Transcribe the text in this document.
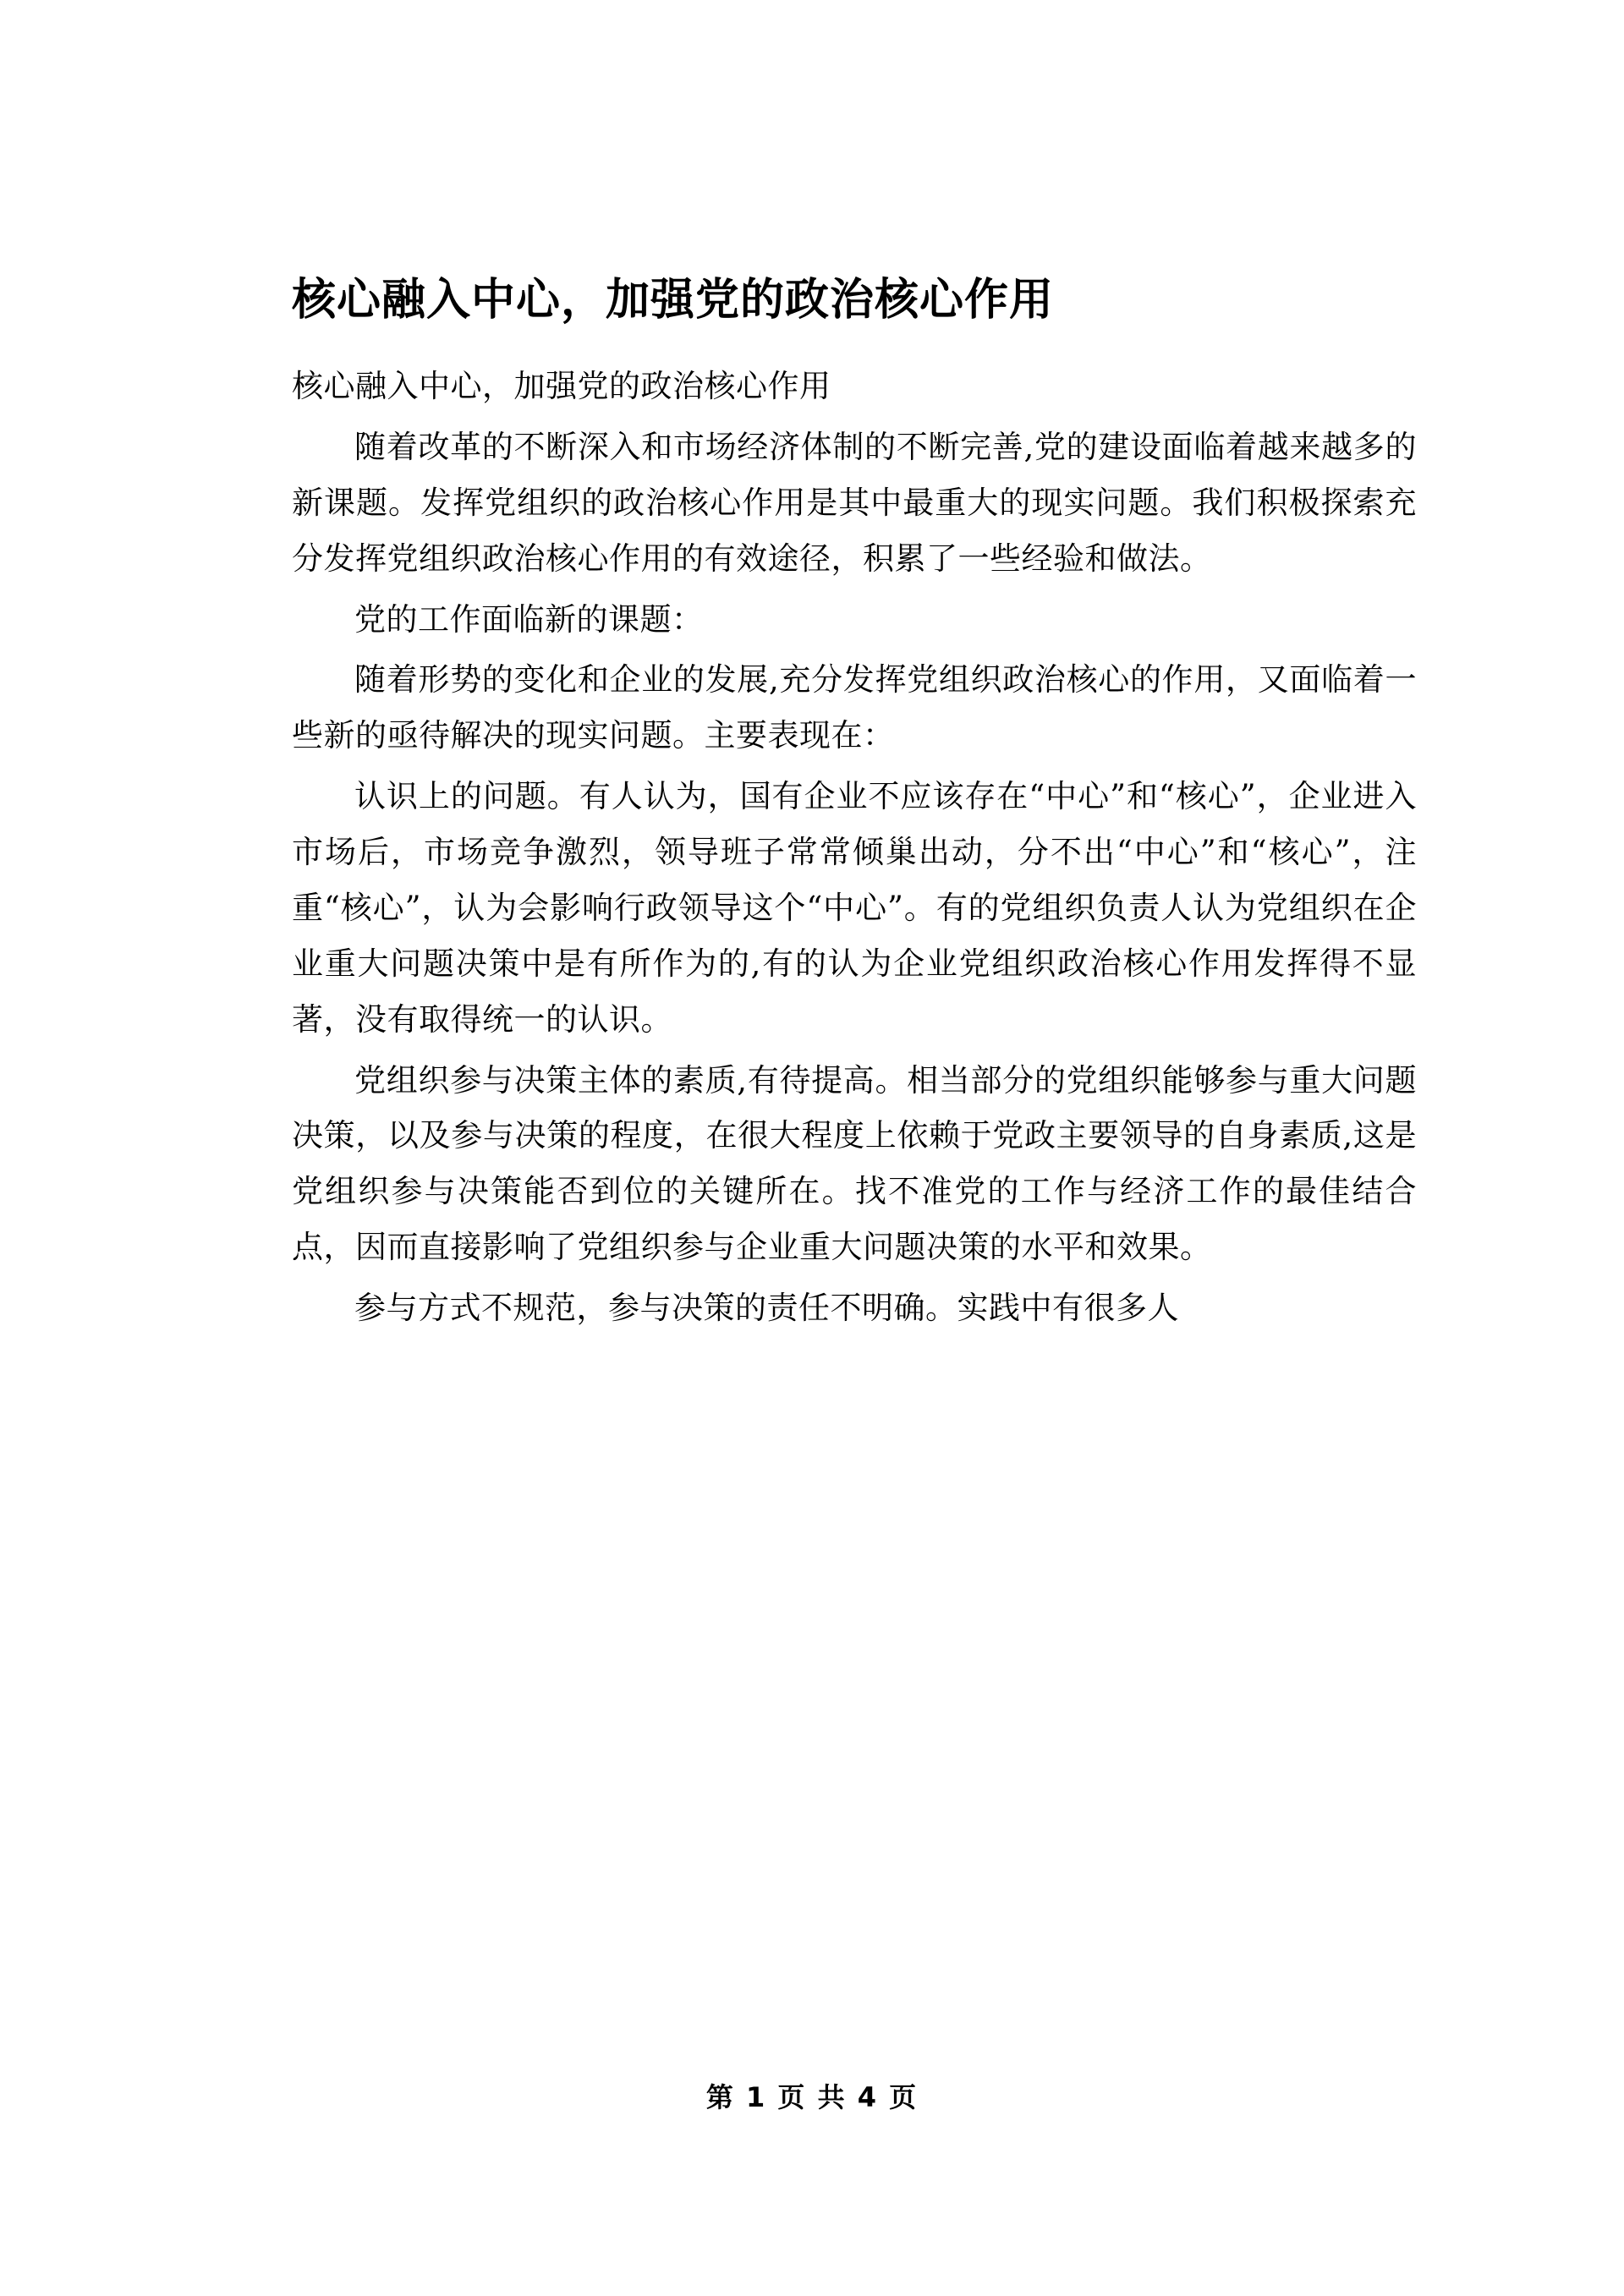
核心融入中心，加强党的政治核心作用

核心融入中心，加强党的政治核心作用

随着改革的不断深入和市场经济体制的不断完善,党的建设面临着越来越多的新课题。发挥党组织的政治核心作用是其中最重大的现实问题。我们积极探索充分发挥党组织政治核心作用的有效途径，积累了一些经验和做法。

党的工作面临新的课题：

随着形势的变化和企业的发展,充分发挥党组织政治核心的作用，又面临着一些新的亟待解决的现实问题。主要表现在：

认识上的问题。有人认为，国有企业不应该存在“中心”和“核心”，企业进入市场后，市场竞争激烈，领导班子常常倾巢出动，分不出“中心”和“核心”，注重“核心”，认为会影响行政领导这个“中心”。有的党组织负责人认为党组织在企业重大问题决策中是有所作为的,有的认为企业党组织政治核心作用发挥得不显著，没有取得统一的认识。

党组织参与决策主体的素质,有待提高。相当部分的党组织能够参与重大问题决策，以及参与决策的程度，在很大程度上依赖于党政主要领导的自身素质,这是党组织参与决策能否到位的关键所在。找不准党的工作与经济工作的最佳结合点，因而直接影响了党组织参与企业重大问题决策的水平和效果。

参与方式不规范，参与决策的责任不明确。实践中有很多人

第 1 页 共 4 页
